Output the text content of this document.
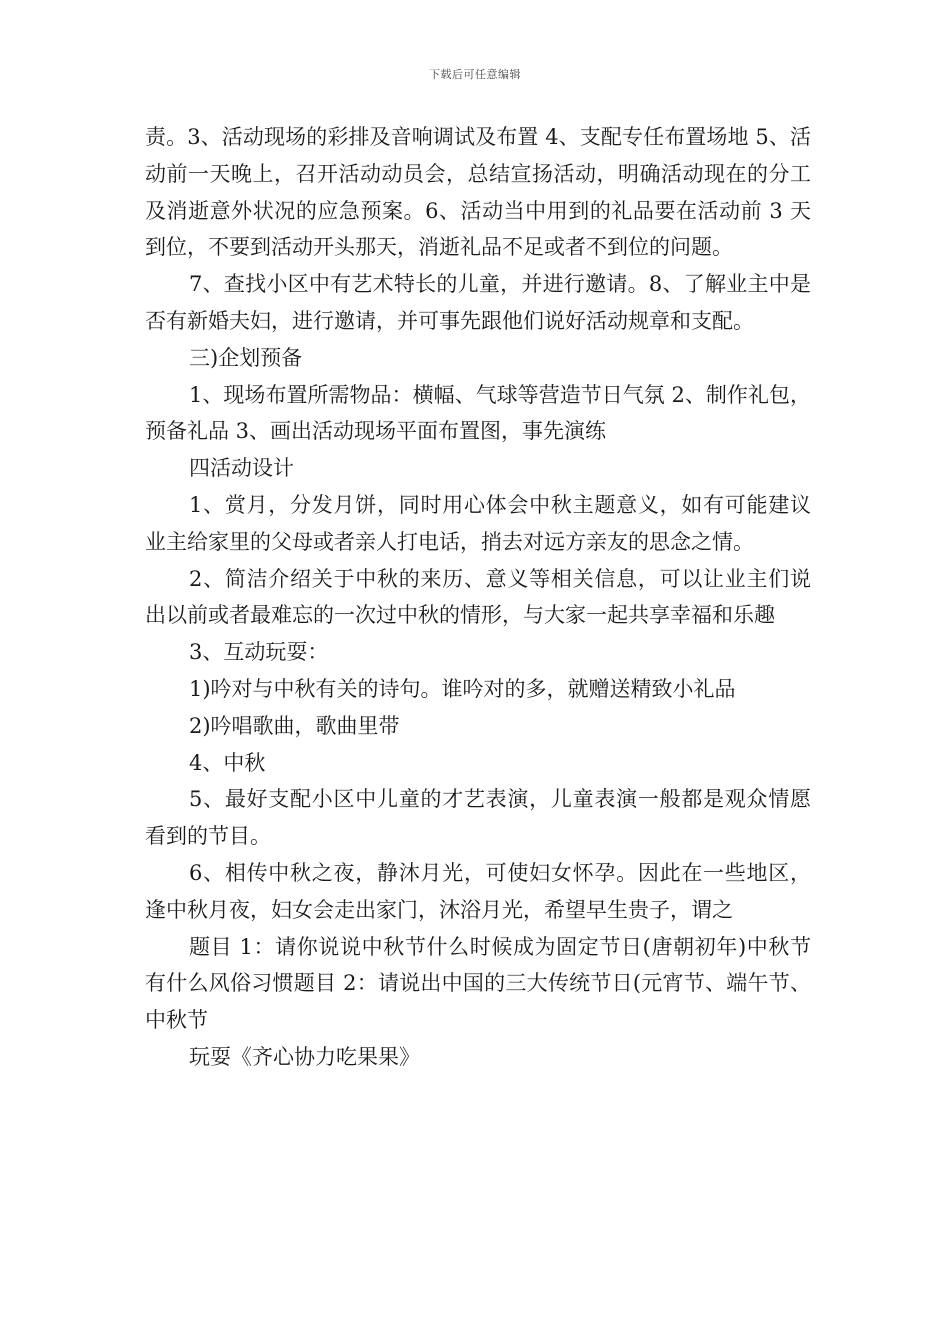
下载后可任意编辑

责。3、活动现场的彩排及音响调试及布置 4、支配专任布置场地 5、活动前一天晚上，召开活动动员会，总结宣扬活动，明确活动现在的分工及消逝意外状况的应急预案。6、活动当中用到的礼品要在活动前 3 天到位，不要到活动开头那天，消逝礼品不足或者不到位的问题。

7、查找小区中有艺术特长的儿童，并进行邀请。8、了解业主中是否有新婚夫妇，进行邀请，并可事先跟他们说好活动规章和支配。

三)企划预备

1、现场布置所需物品：横幅、气球等营造节日气氛 2、制作礼包，预备礼品 3、画出活动现场平面布置图，事先演练

四活动设计

1、赏月，分发月饼，同时用心体会中秋主题意义，如有可能建议业主给家里的父母或者亲人打电话，捎去对远方亲友的思念之情。

2、简洁介绍关于中秋的来历、意义等相关信息，可以让业主们说出以前或者最难忘的一次过中秋的情形，与大家一起共享幸福和乐趣

3、互动玩耍：

1)吟对与中秋有关的诗句。谁吟对的多，就赠送精致小礼品

2)吟唱歌曲，歌曲里带

4、中秋

5、最好支配小区中儿童的才艺表演，儿童表演一般都是观众情愿看到的节目。

6、相传中秋之夜，静沐月光，可使妇女怀孕。因此在一些地区，逢中秋月夜，妇女会走出家门，沐浴月光，希望早生贵子，谓之

题目 1：请你说说中秋节什么时候成为固定节日(唐朝初年)中秋节有什么风俗习惯题目 2：请说出中国的三大传统节日(元宵节、端午节、中秋节

玩耍《齐心协力吃果果》
